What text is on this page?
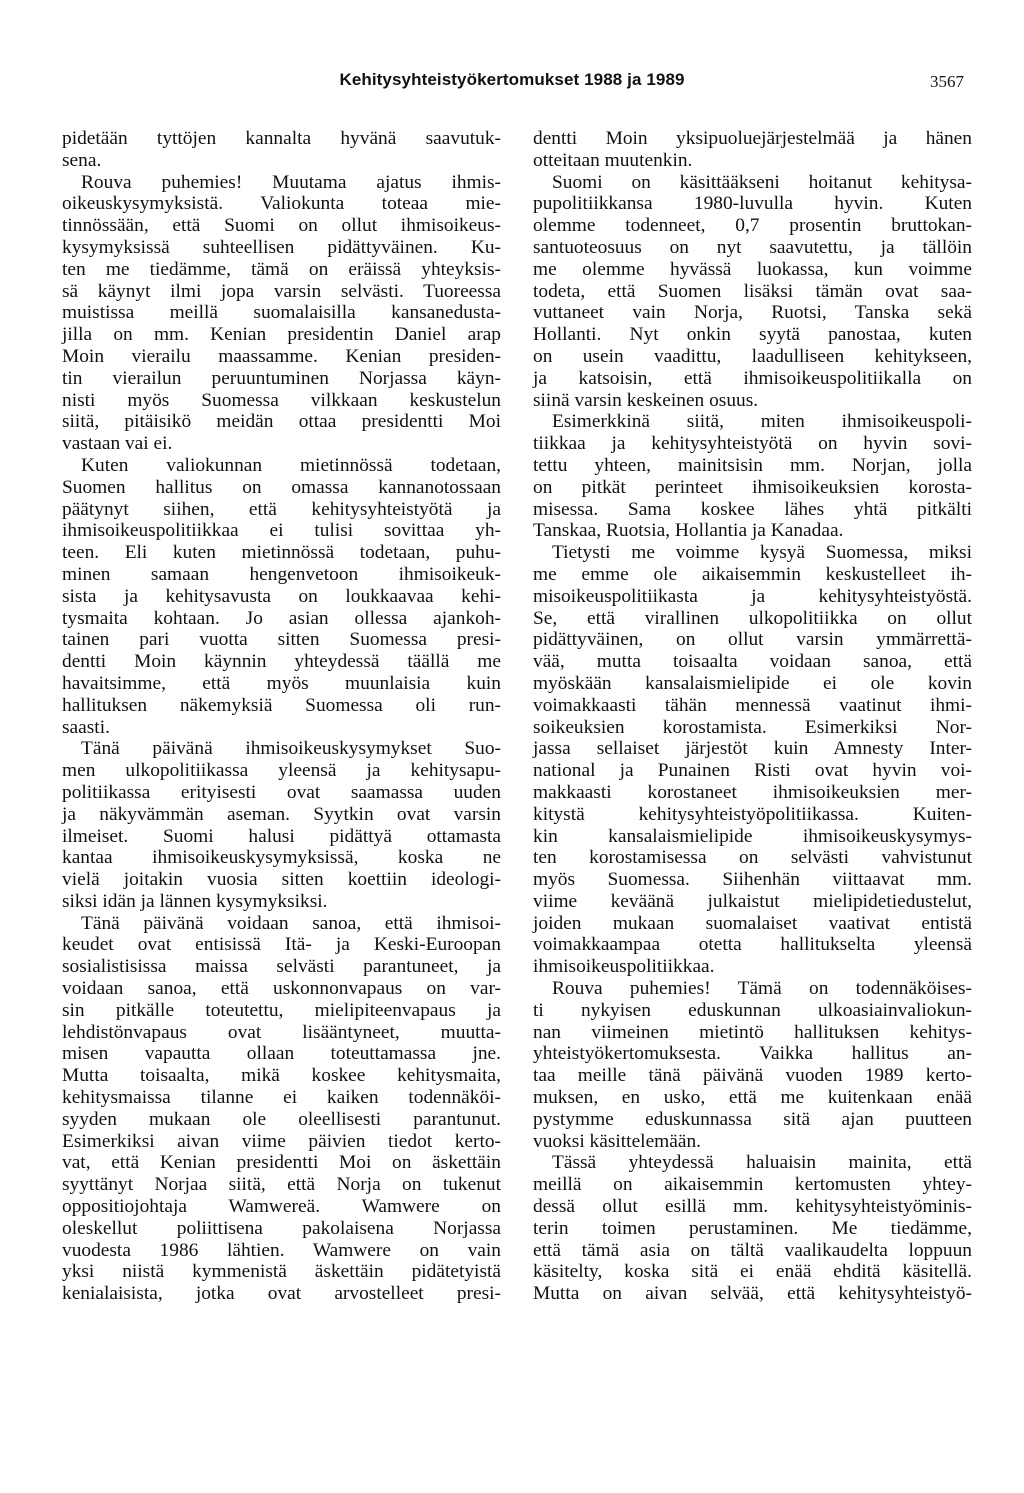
Kehitysyhteistyökertomukset 1988 ja 1989	3567
pidetään tyttöjen kannalta hyvänä saavutuk-
sena.
Rouva puhemies! Muutama ajatus ihmis-
oikeuskysymyksistä. Valiokunta toteaa mie-
tinnössään, että Suomi on ollut ihmisoikeus-
kysymyksissä suhteellisen pidättyväinen. Ku-
ten me tiedämme, tämä on eräissä yhteyksis-
sä käynyt ilmi jopa varsin selvästi. Tuoreessa
muistissa meillä suomalaisilla kansanedusta-
jilla on mm. Kenian presidentin Daniel arap
Moin vierailu maassamme. Kenian presiden-
tin vierailun peruuntuminen Norjassa käyn-
nisti myös Suomessa vilkkaan keskustelun
siitä, pitäisikö meidän ottaa presidentti Moi
vastaan vai ei.
Kuten valiokunnan mietinnössä todetaan,
Suomen hallitus on omassa kannanotossaan
päätynyt siihen, että kehitysyhteistyötä ja
ihmisoikeuspolitiikkaa ei tulisi sovittaa yh-
teen. Eli kuten mietinnössä todetaan, puhu-
minen samaan hengenvetoon ihmisoikeuk-
sista ja kehitysavusta on loukkaavaa kehi-
tysmaita kohtaan. Jo asian ollessa ajankoh-
tainen pari vuotta sitten Suomessa presi-
dentti Moin käynnin yhteydessä täällä me
havaitsimme, että myös muunlaisia kuin
hallituksen näkemyksiä Suomessa oli run-
saasti.
Tänä päivänä ihmisoikeuskysymykset Suo-
men ulkopolitiikassa yleensä ja kehitysapu-
politiikassa erityisesti ovat saamassa uuden
ja näkyvämmän aseman. Syytkin ovat varsin
ilmeiset. Suomi halusi pidättyä ottamasta
kantaa ihmisoikeuskysymyksissä, koska ne
vielä joitakin vuosia sitten koettiin ideologi-
siksi idän ja lännen kysymyksiksi.
Tänä päivänä voidaan sanoa, että ihmisoi-
keudet ovat entisissä Itä- ja Keski-Euroopan
sosialistisissa maissa selvästi parantuneet, ja
voidaan sanoa, että uskonnonvapaus on var-
sin pitkälle toteutettu, mielipiteenvapaus ja
lehdistönvapaus ovat lisääntyneet, muutta-
misen vapautta ollaan toteuttamassa jne.
Mutta toisaalta, mikä koskee kehitysmaita,
kehitysmaissa tilanne ei kaiken todennäköi-
syyden mukaan ole oleellisesti parantunut.
Esimerkiksi aivan viime päivien tiedot kerto-
vat, että Kenian presidentti Moi on äskettäin
syyttänyt Norjaa siitä, että Norja on tukenut
oppositiojohtaja Wamwereä. Wamwere on
oleskellut poliittisena pakolaisena Norjassa
vuodesta 1986 lähtien. Wamwere on vain
yksi niistä kymmenistä äskettäin pidätetyistä
kenialaisista, jotka ovat arvostelleet presi-
dentti Moin yksipuoluejärjestelmää ja hänen
otteitaan muutenkin.
Suomi on käsittääkseni hoitanut kehitysa-
pupolitiikkansa 1980-luvulla hyvin. Kuten
olemme todenneet, 0,7 prosentin bruttokan-
santuoteosuus on nyt saavutettu, ja tällöin
me olemme hyvässä luokassa, kun voimme
todeta, että Suomen lisäksi tämän ovat saa-
vuttaneet vain Norja, Ruotsi, Tanska sekä
Hollanti. Nyt onkin syytä panostaa, kuten
on usein vaadittu, laadulliseen kehitykseen,
ja katsoisin, että ihmisoikeuspolitiikalla on
siinä varsin keskeinen osuus.
Esimerkkinä siitä, miten ihmisoikeuspoli-
tiikkaa ja kehitysyhteistyötä on hyvin sovi-
tettu yhteen, mainitsisin mm. Norjan, jolla
on pitkät perinteet ihmisoikeuksien korosta-
misessa. Sama koskee lähes yhtä pitkälti
Tanskaa, Ruotsia, Hollantia ja Kanadaa.
Tietysti me voimme kysyä Suomessa, miksi
me emme ole aikaisemmin keskustelleet ih-
misoikeuspolitiikasta ja kehitysyhteistyöstä.
Se, että virallinen ulkopolitiikka on ollut
pidättyväinen, on ollut varsin ymmärrettä-
vää, mutta toisaalta voidaan sanoa, että
myöskään kansalaismielipide ei ole kovin
voimakkaasti tähän mennessä vaatinut ihmi-
soikeuksien korostamista. Esimerkiksi Nor-
jassa sellaiset järjestöt kuin Amnesty Inter-
national ja Punainen Risti ovat hyvin voi-
makkaasti korostaneet ihmisoikeuksien mer-
kitystä kehitysyhteistyöpolitiikassa. Kuiten-
kin kansalaismielipide ihmisoikeuskysymys-
ten korostamisessa on selvästi vahvistunut
myös Suomessa. Siihenhän viittaavat mm.
viime keväänä julkaistut mielipidetiedustelut,
joiden mukaan suomalaiset vaativat entistä
voimakkaampaa otetta hallitukselta yleensä
ihmisoikeuspolitiikkaa.
Rouva puhemies! Tämä on todennäköises-
ti nykyisen eduskunnan ulkoasiainvaliokun-
nan viimeinen mietintö hallituksen kehitys-
yhteistyökertomuksesta. Vaikka hallitus an-
taa meille tänä päivänä vuoden 1989 kerto-
muksen, en usko, että me kuitenkaan enää
pystymme eduskunnassa sitä ajan puutteen
vuoksi käsittelemään.
Tässä yhteydessä haluaisin mainita, että
meillä on aikaisemmin kertomusten yhtey-
dessä ollut esillä mm. kehitysyhteistyöminis-
terin toimen perustaminen. Me tiedämme,
että tämä asia on tältä vaalikaudelta loppuun
käsitelty, koska sitä ei enää ehditä käsitellä.
Mutta on aivan selvää, että kehitysyhteistyö-
